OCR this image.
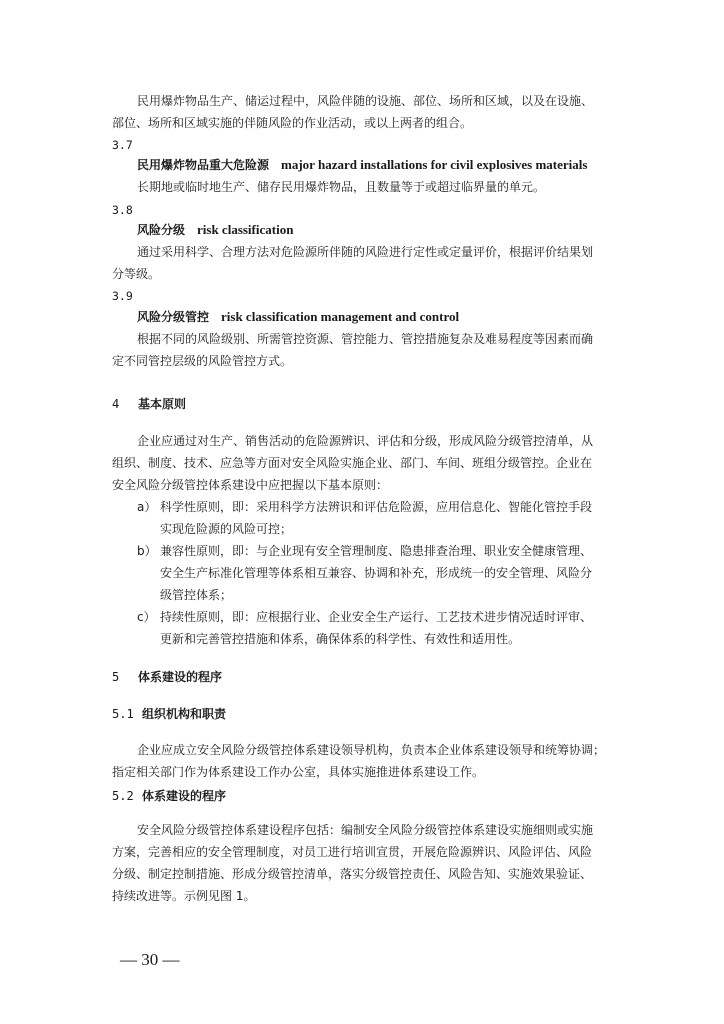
民用爆炸物品生产、储运过程中，风险伴随的设施、部位、场所和区域，以及在设施、
部位、场所和区域实施的伴随风险的作业活动，或以上两者的组合。
3.7
民用爆炸物品重大危险源 major hazard installations for civil explosives materials
长期地或临时地生产、储存民用爆炸物品，且数量等于或超过临界量的单元。
3.8
风险分级 risk classification
通过采用科学、合理方法对危险源所伴随的风险进行定性或定量评价，根据评价结果划
分等级。
3.9
风险分级管控 risk classification management and control
根据不同的风险级别、所需管控资源、管控能力、管控措施复杂及难易程度等因素而确
定不同管控层级的风险管控方式。
4 基本原则
企业应通过对生产、销售活动的危险源辨识、评估和分级，形成风险分级管控清单，从
组织、制度、技术、应急等方面对安全风险实施企业、部门、车间、班组分级管控。企业在
安全风险分级管控体系建设中应把握以下基本原则：
a） 科学性原则，即：采用科学方法辨识和评估危险源，应用信息化、智能化管控手段
实现危险源的风险可控；
b） 兼容性原则，即：与企业现有安全管理制度、隐患排查治理、职业安全健康管理、
安全生产标准化管理等体系相互兼容、协调和补充，形成统一的安全管理、风险分
级管控体系；
c） 持续性原则，即：应根据行业、企业安全生产运行、工艺技术进步情况适时评审、
更新和完善管控措施和体系，确保体系的科学性、有效性和适用性。
5 体系建设的程序
5.1 组织机构和职责
企业应成立安全风险分级管控体系建设领导机构，负责本企业体系建设领导和统筹协调；
指定相关部门作为体系建设工作办公室，具体实施推进体系建设工作。
5.2 体系建设的程序
安全风险分级管控体系建设程序包括：编制安全风险分级管控体系建设实施细则或实施
方案，完善相应的安全管理制度，对员工进行培训宣贯，开展危险源辨识、风险评估、风险
分级、制定控制措施、形成分级管控清单，落实分级管控责任、风险告知、实施效果验证、
持续改进等。示例见图 1。
— 30 —
